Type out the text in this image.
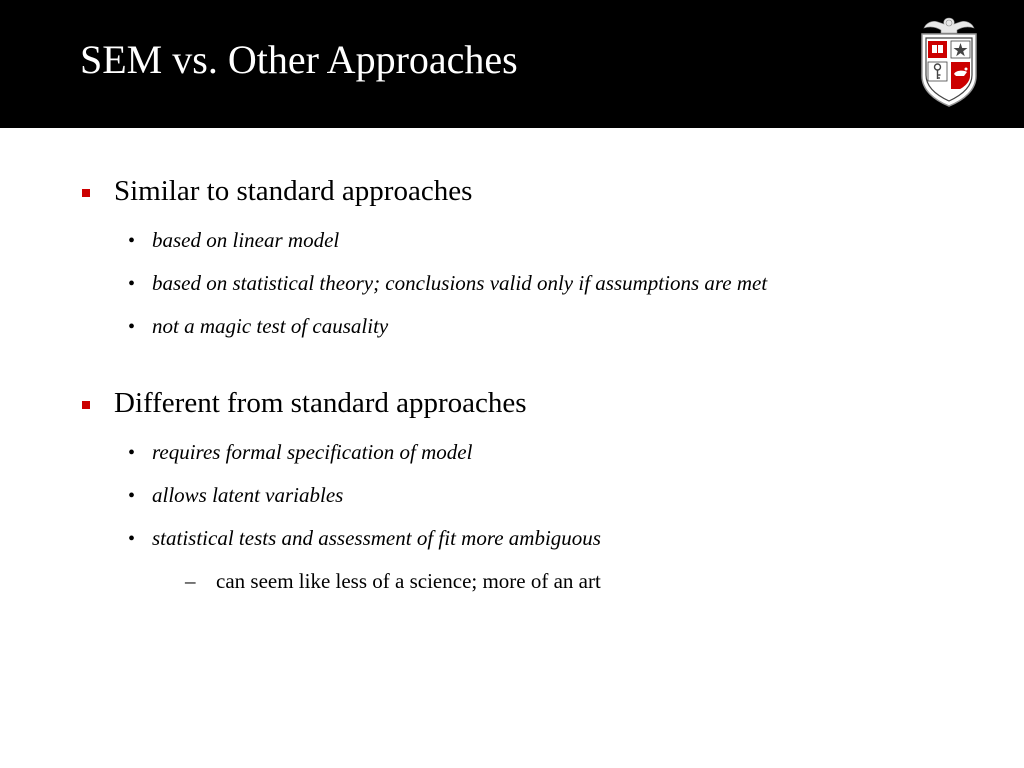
SEM vs. Other Approaches
Similar to standard approaches
• based on linear model
• based on statistical theory; conclusions valid only if assumptions are met
• not a magic test of causality
Different from standard approaches
• requires formal specification of model
• allows latent variables
• statistical tests and assessment of fit more ambiguous
– can seem like less of a science; more of an art
